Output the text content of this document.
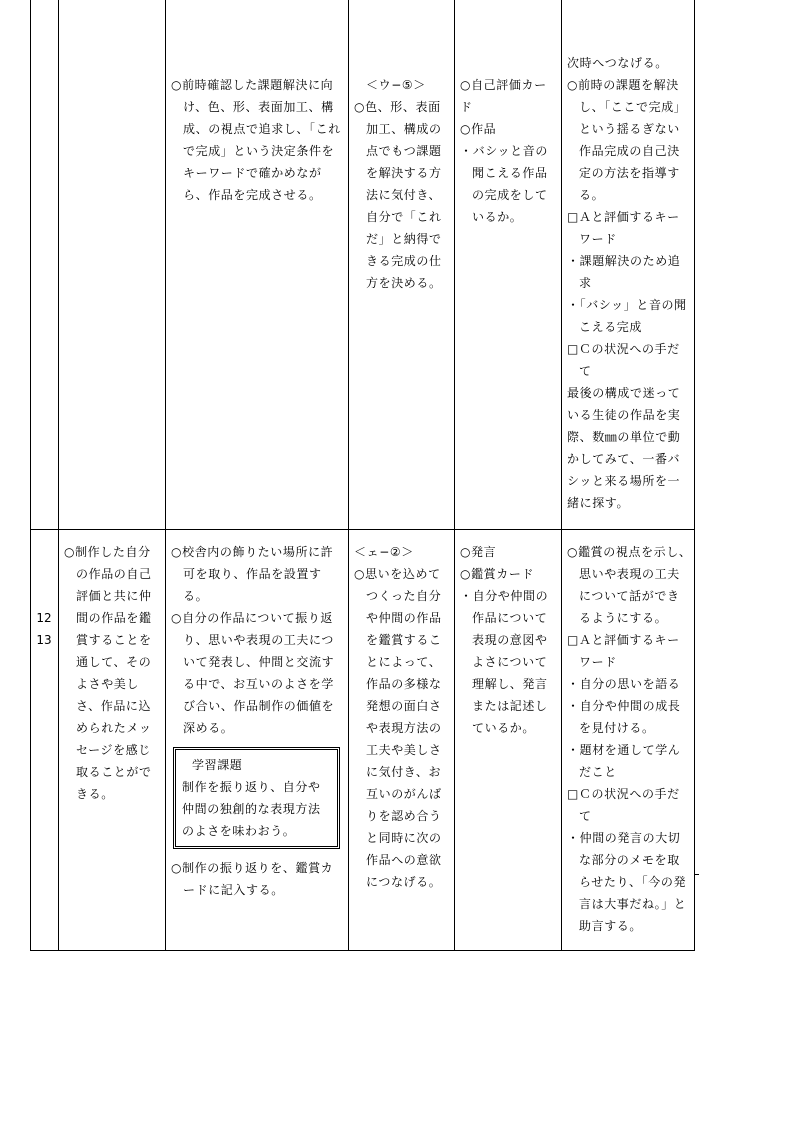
○前時確認した課題解決に向け、色、形、表面加工、構成、の視点で追求し、「これで完成」という決定条件をキーワードで確かめながら、作品を完成させる。

＜ウ−⑤＞

○色、形、表面加工、構成の点でもつ課題を解決する方法に気付き、自分で「これだ」と納得できる完成の仕方を決める。

○自己評価カード

○作品

・バシッと音の聞こえる作品の完成をしているか。

次時へつなげる。

○前時の課題を解決し、「ここで完成」という揺るぎない作品完成の自己決定の方法を指導する。

□Ａと評価するキーワード

・課題解決のため追求

・「バシッ」と音の聞こえる完成

□Ｃの状況への手だて

最後の構成で迷っている生徒の作品を実際、数㎜の単位で動かしてみて、一番バシッと来る場所を一緒に探す。

12

13

○制作した自分の作品の自己評価と共に仲間の作品を鑑賞することを通して、そのよさや美しさ、作品に込められたメッセージを感じ取ることができる。

○校舎内の飾りたい場所に許可を取り、作品を設置する。

○自分の作品について振り返り、思いや表現の工夫について発表し、仲間と交流する中で、お互いのよさを学び合い、作品制作の価値を深める。

学習課題

制作を振り返り、自分や仲間の独創的な表現方法のよさを味わおう。

○制作の振り返りを、鑑賞カードに記入する。

＜ェ−②＞

○思いを込めてつくった自分や仲間の作品を鑑賞することによって、作品の多様な発想の面白さや表現方法の工夫や美しさに気付き、お互いのがんばりを認め合うと同時に次の作品への意欲につなげる。

○発言

○鑑賞カード

・自分や仲間の作品について表現の意図やよさについて理解し、発言または記述しているか。

○鑑賞の視点を示し、思いや表現の工夫について話ができるようにする。

□Ａと評価するキーワード

・自分の思いを語る

・自分や仲間の成長を見付ける。

・題材を通して学んだこと

□Ｃの状況への手だて

・仲間の発言の大切な部分のメモを取らせたり、「今の発言は大事だね。」と助言する。
